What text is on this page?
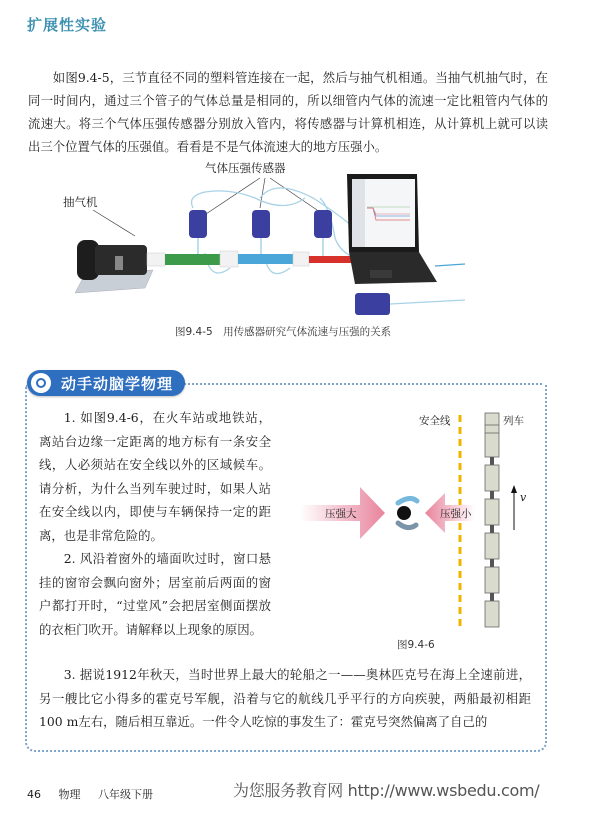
扩展性实验

如图9.4-5，三节直径不同的塑料管连接在一起，然后与抽气机相通。当抽气机抽气时，在同一时间内，通过三个管子的气体总量是相同的，所以细管内气体的流速一定比粗管内气体的流速大。将三个气体压强传感器分别放入管内，将传感器与计算机相连，从计算机上就可以读出三个位置气体的压强值。看看是不是气体流速大的地方压强小。

气体压强传感器
抽气机
图9.4-5　用传感器研究气体流速与压强的关系
动手动脑学物理

1. 如图9.4-6，在火车站或地铁站，离站台边缘一定距离的地方标有一条安全线，人必须站在安全线以外的区域候车。请分析，为什么当列车驶过时，如果人站在安全线以内，即使与车辆保持一定的距离，也是非常危险的。

2. 风沿着窗外的墙面吹过时，窗口悬挂的窗帘会飘向窗外；居室前后两面的窗户都打开时，“过堂风”会把居室侧面摆放的衣柜门吹开。请解释以上现象的原因。

3. 据说1912年秋天，当时世界上最大的轮船之一——奥林匹克号在海上全速前进，另一艘比它小得多的霍克号军舰，沿着与它的航线几乎平行的方向疾驶，两船最初相距100 m左右，随后相互靠近。一件令人吃惊的事发生了：霍克号突然偏离了自己的

安全线	列车
压强大	压强小
v
图9.4-6
46 物理 八年级下册	为您服务教育网 http://www.wsbedu.com/
